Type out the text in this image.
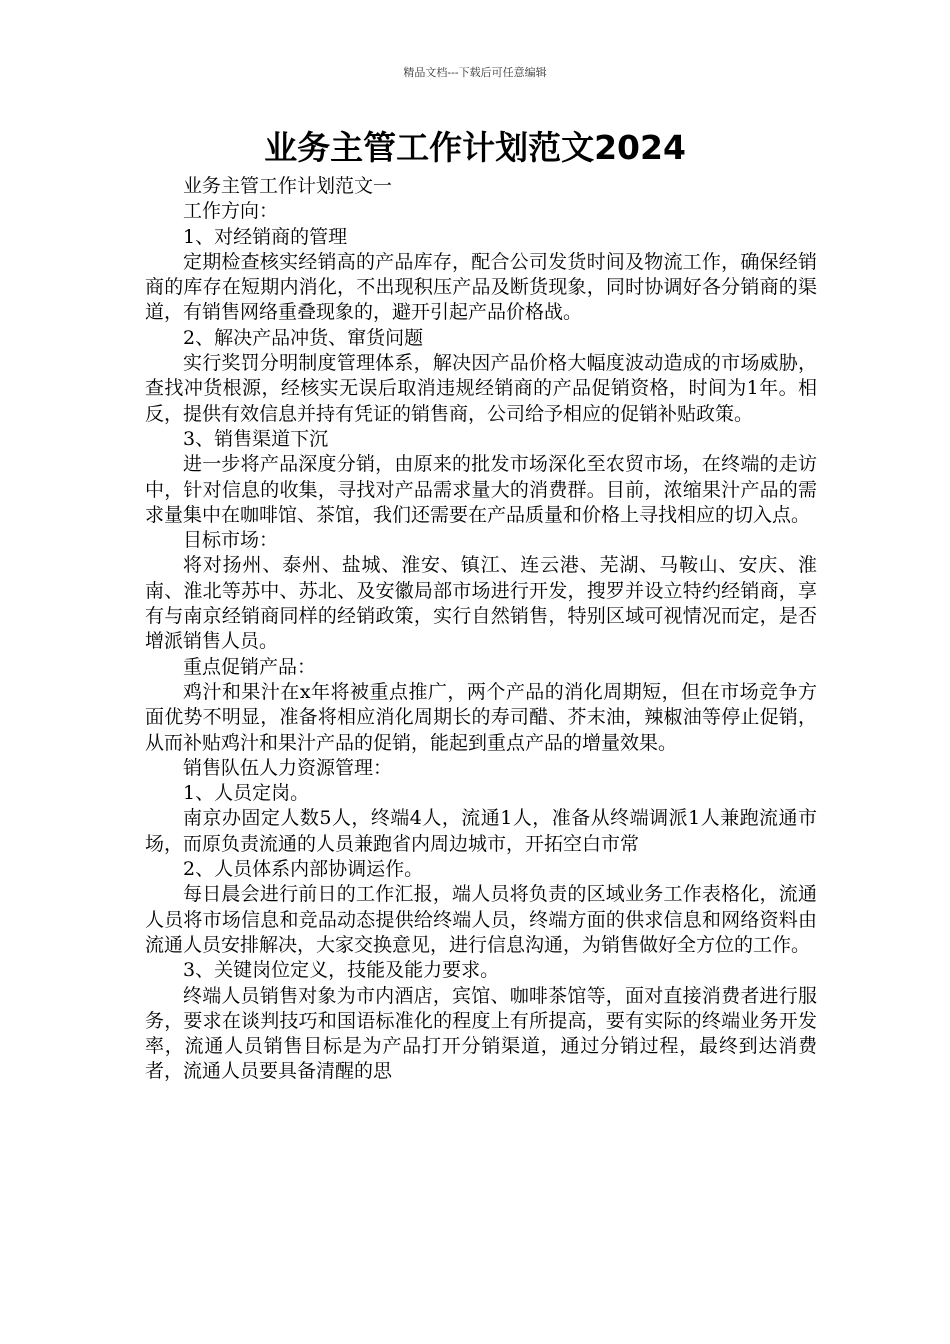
精品文档---下载后可任意编辑
业务主管工作计划范文2024

业务主管工作计划范文一

工作方向：

1、对经销商的管理

定期检查核实经销高的产品库存，配合公司发货时间及物流工作，确保经销商的库存在短期内消化，不出现积压产品及断货现象，同时协调好各分销商的渠道，有销售网络重叠现象的，避开引起产品价格战。

2、解决产品冲货、窜货问题

实行奖罚分明制度管理体系，解决因产品价格大幅度波动造成的市场威胁，查找冲货根源，经核实无误后取消违规经销商的产品促销资格，时间为1年。相反，提供有效信息并持有凭证的销售商，公司给予相应的促销补贴政策。

3、销售渠道下沉

进一步将产品深度分销，由原来的批发市场深化至农贸市场，在终端的走访中，针对信息的收集，寻找对产品需求量大的消费群。目前，浓缩果汁产品的需求量集中在咖啡馆、茶馆，我们还需要在产品质量和价格上寻找相应的切入点。

目标市场：

将对扬州、泰州、盐城、淮安、镇江、连云港、芜湖、马鞍山、安庆、淮南、淮北等苏中、苏北、及安徽局部市场进行开发，搜罗并设立特约经销商，享有与南京经销商同样的经销政策，实行自然销售，特别区域可视情况而定，是否增派销售人员。

重点促销产品：

鸡汁和果汁在x年将被重点推广，两个产品的消化周期短，但在市场竞争方面优势不明显，准备将相应消化周期长的寿司醋、芥末油，辣椒油等停止促销，从而补贴鸡汁和果汁产品的促销，能起到重点产品的增量效果。

销售队伍人力资源管理：

1、人员定岗。

南京办固定人数5人，终端4人，流通1人，准备从终端调派1人兼跑流通市场，而原负责流通的人员兼跑省内周边城市，开拓空白市常

2、人员体系内部协调运作。

每日晨会进行前日的工作汇报，端人员将负责的区域业务工作表格化，流通人员将市场信息和竞品动态提供给终端人员，终端方面的供求信息和网络资料由流通人员安排解决，大家交换意见，进行信息沟通，为销售做好全方位的工作。

3、关键岗位定义，技能及能力要求。

终端人员销售对象为市内酒店，宾馆、咖啡茶馆等，面对直接消费者进行服务，要求在谈判技巧和国语标准化的程度上有所提高，要有实际的终端业务开发率，流通人员销售目标是为产品打开分销渠道，通过分销过程，最终到达消费者，流通人员要具备清醒的思
